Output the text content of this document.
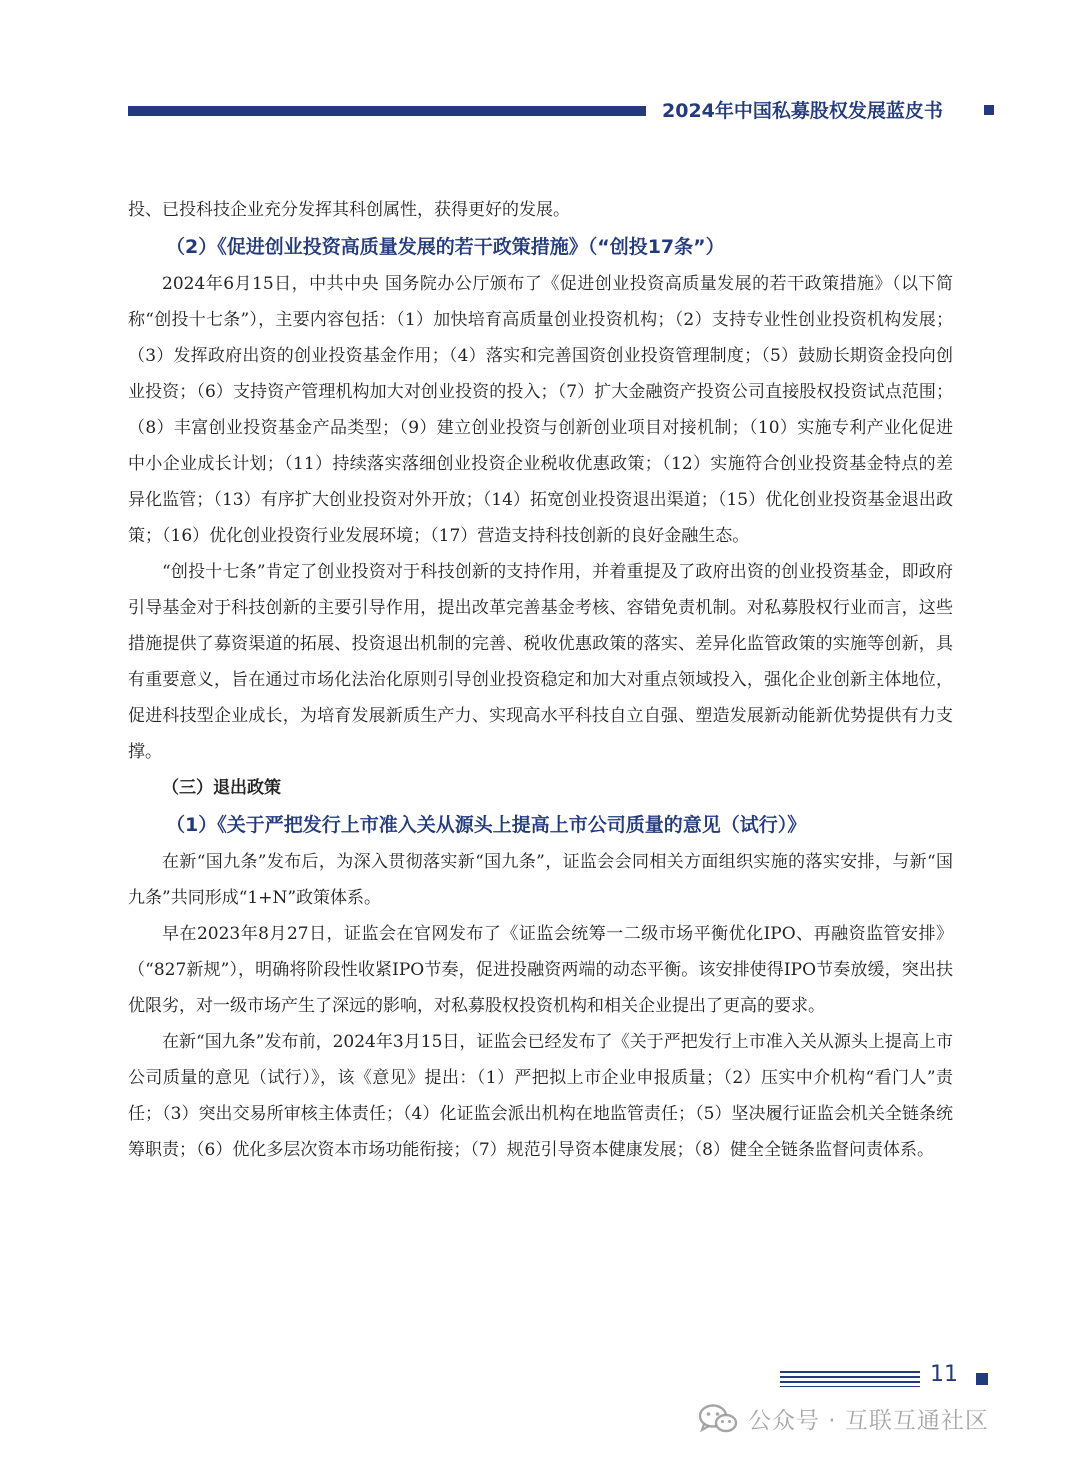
2024年中国私募股权发展蓝皮书

投、已投科技企业充分发挥其科创属性，获得更好的发展。

（2）《促进创业投资高质量发展的若干政策措施》（“创投17条”）

2024年6月15日，中共中央 国务院办公厅颁布了《促进创业投资高质量发展的若干政策措施》（以下简称“创投十七条”），主要内容包括：（1）加快培育高质量创业投资机构；（2）支持专业性创业投资机构发展；（3）发挥政府出资的创业投资基金作用；（4）落实和完善国资创业投资管理制度；（5）鼓励长期资金投向创业投资；（6）支持资产管理机构加大对创业投资的投入；（7）扩大金融资产投资公司直接股权投资试点范围；（8）丰富创业投资基金产品类型；（9）建立创业投资与创新创业项目对接机制；（10）实施专利产业化促进中小企业成长计划；（11）持续落实落细创业投资企业税收优惠政策；（12）实施符合创业投资基金特点的差异化监管；（13）有序扩大创业投资对外开放；（14）拓宽创业投资退出渠道；（15）优化创业投资基金退出政策；（16）优化创业投资行业发展环境；（17）营造支持科技创新的良好金融生态。

“创投十七条”肯定了创业投资对于科技创新的支持作用，并着重提及了政府出资的创业投资基金，即政府引导基金对于科技创新的主要引导作用，提出改革完善基金考核、容错免责机制。对私募股权行业而言，这些措施提供了募资渠道的拓展、投资退出机制的完善、税收优惠政策的落实、差异化监管政策的实施等创新，具有重要意义，旨在通过市场化法治化原则引导创业投资稳定和加大对重点领域投入，强化企业创新主体地位，促进科技型企业成长，为培育发展新质生产力、实现高水平科技自立自强、塑造发展新动能新优势提供有力支撑。

（三）退出政策

（1）《关于严把发行上市准入关从源头上提高上市公司质量的意见（试行）》

在新“国九条”发布后，为深入贯彻落实新“国九条”，证监会会同相关方面组织实施的落实安排，与新“国九条”共同形成“1+N”政策体系。

早在2023年8月27日，证监会在官网发布了《证监会统筹一二级市场平衡优化IPO、再融资监管安排》（“827新规”），明确将阶段性收紧IPO节奏，促进投融资两端的动态平衡。该安排使得IPO节奏放缓，突出扶优限劣，对一级市场产生了深远的影响，对私募股权投资机构和相关企业提出了更高的要求。

在新“国九条”发布前，2024年3月15日，证监会已经发布了《关于严把发行上市准入关从源头上提高上市公司质量的意见（试行）》，该《意见》提出：（1）严把拟上市企业申报质量；（2）压实中介机构“看门人”责任；（3）突出交易所审核主体责任；（4）化证监会派出机构在地监管责任；（5）坚决履行证监会机关全链条统筹职责；（6）优化多层次资本市场功能衔接；（7）规范引导资本健康发展；（8）健全全链条监督问责体系。

11
公众号 · 互联互通社区
